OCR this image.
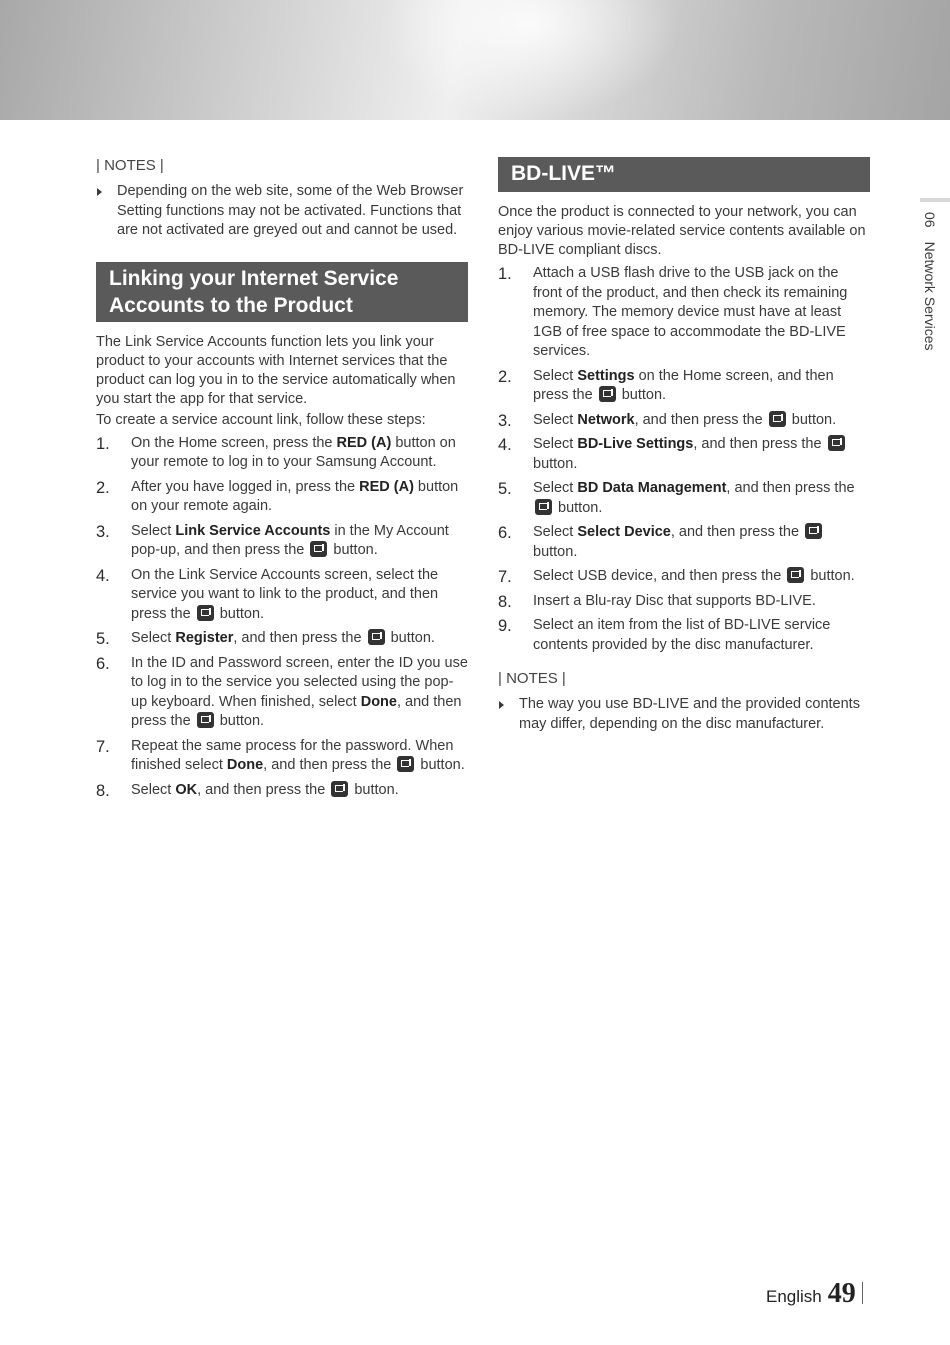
06Network Services
| NOTES |
Depending on the web site, some of the Web Browser Setting functions may not be activated. Functions that are not activated are greyed out and cannot be used.
Linking your Internet Service
Accounts to the Product

The Link Service Accounts function lets you link your product to your accounts with Internet services that the product can log you in to the service automatically when you start the app for that service.

To create a service account link, follow these steps:

1. On the Home screen, press the RED (A) button on your remote to log in to your Samsung Account.
2. After you have logged in, press the RED (A) button on your remote again.
3. Select Link Service Accounts in the My Account pop-up, and then press the  button.
4. On the Link Service Accounts screen, select the service you want to link to the product, and then press the  button.
5. Select Register, and then press the  button.
6. In the ID and Password screen, enter the ID you use to log in to the service you selected using the pop-up keyboard. When finished, select Done, and then press the  button.
7. Repeat the same process for the password. When finished select Done, and then press the  button.
8. Select OK, and then press the  button.
BD-LIVE™

Once the product is connected to your network, you can enjoy various movie-related service contents available on BD-LIVE compliant discs.

1. Attach a USB flash drive to the USB jack on the front of the product, and then check its remaining memory. The memory device must have at least 1GB of free space to accommodate the BD-LIVE services.
2. Select Settings on the Home screen, and then press the  button.
3. Select Network, and then press the  button.
4. Select BD-Live Settings, and then press the  button.
5. Select BD Data Management, and then press the  button.
6. Select Select Device, and then press the  button.
7. Select USB device, and then press the  button.
8. Insert a Blu-ray Disc that supports BD-LIVE.
9. Select an item from the list of BD-LIVE service contents provided by the disc manufacturer.
| NOTES |
The way you use BD-LIVE and the provided contents may differ, depending on the disc manufacturer.
English 49
